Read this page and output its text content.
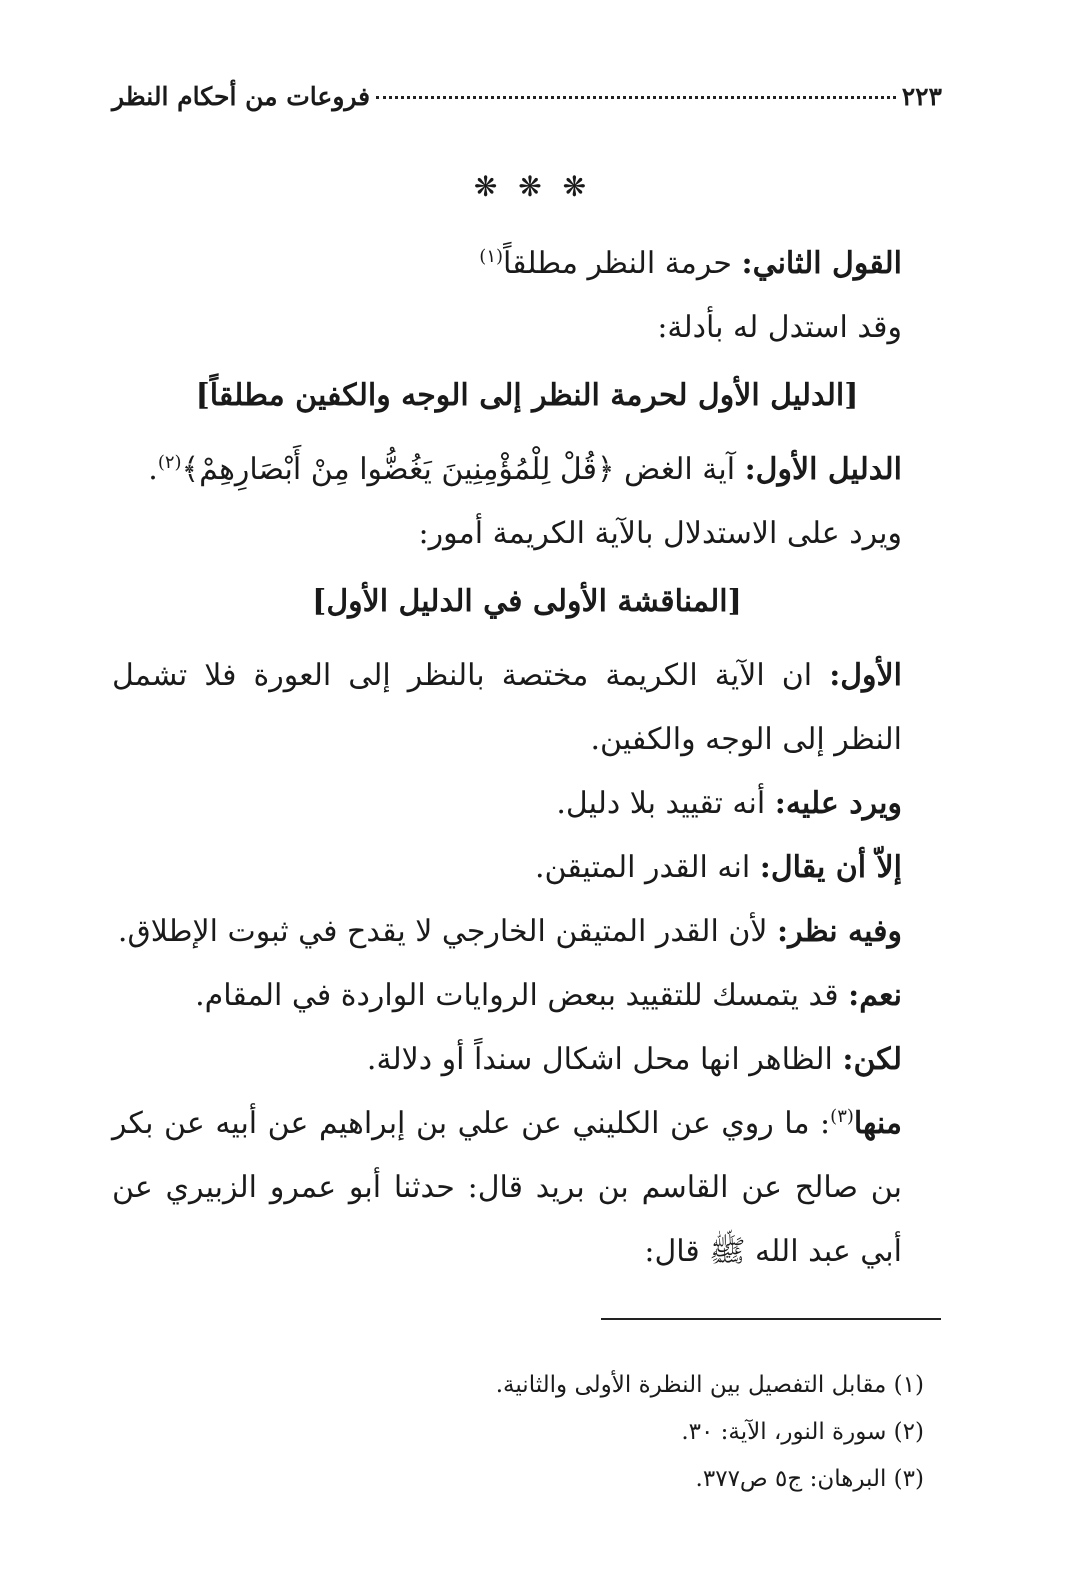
٢٢٣
فروعات من أحكام النظر
❋ ❋ ❋

القول الثاني: حرمة النظر مطلقاً$^{(١)}$

وقد استدل له بأدلة:

[الدليل الأول لحرمة النظر إلى الوجه والكفين مطلقاً]

الدليل الأول: آية الغض ﴿قُلْ لِلْمُؤْمِنِينَ يَغُضُّوا مِنْ أَبْصَارِهِمْ﴾$^{(٢)}$.

ويرد على الاستدلال بالآية الكريمة أمور:

[المناقشة الأولى في الدليل الأول]

الأول: ان الآية الكريمة مختصة بالنظر إلى العورة فلا تشمل النظر إلى الوجه والكفين.

ويرد عليه: أنه تقييد بلا دليل.

إلاّ أن يقال: انه القدر المتيقن.

وفيه نظر: لأن القدر المتيقن الخارجي لا يقدح في ثبوت الإطلاق.

نعم: قد يتمسك للتقييد ببعض الروايات الواردة في المقام.

لكن: الظاهر انها محل اشكال سنداً أو دلالة.

منها$^{(٣)}$: ما روي عن الكليني عن علي بن إبراهيم عن أبيه عن بكر بن صالح عن القاسم بن بريد قال: حدثنا أبو عمرو الزبيري عن أبي عبد الله ﷺ قال:

(١) مقابل التفصيل بين النظرة الأولى والثانية.
(٢) سورة النور، الآية: ٣٠.
(٣) البرهان: ج٥ ص٣٧٧.
